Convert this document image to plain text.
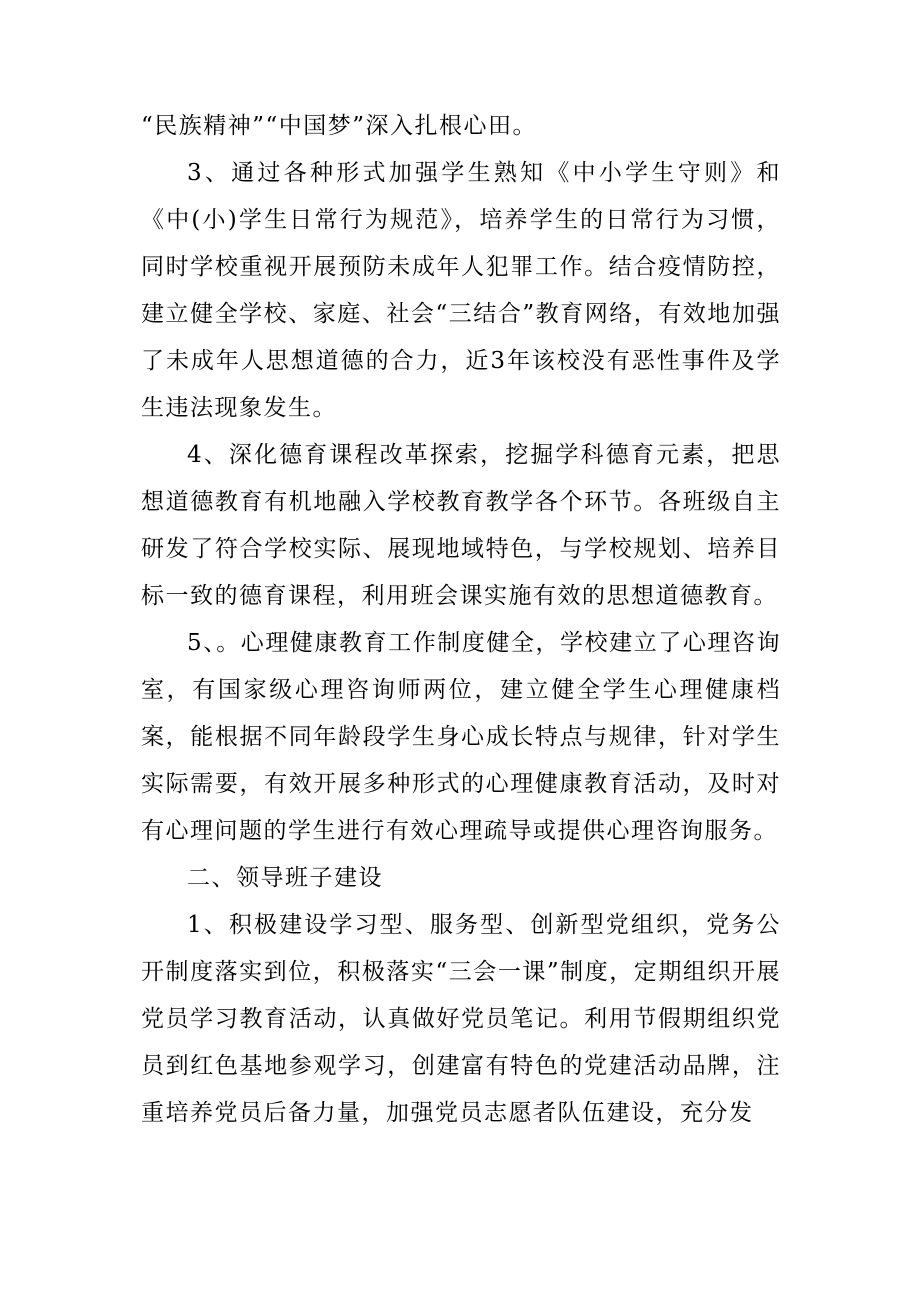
“民族精神”“中国梦”深入扎根心田。

3、通过各种形式加强学生熟知《中小学生守则》和《中(小)学生日常行为规范》，培养学生的日常行为习惯，同时学校重视开展预防未成年人犯罪工作。结合疫情防控，建立健全学校、家庭、社会“三结合”教育网络，有效地加强了未成年人思想道德的合力，近3年该校没有恶性事件及学生违法现象发生。

4、深化德育课程改革探索，挖掘学科德育元素，把思想道德教育有机地融入学校教育教学各个环节。各班级自主研发了符合学校实际、展现地域特色，与学校规划、培养目标一致的德育课程，利用班会课实施有效的思想道德教育。

5、。心理健康教育工作制度健全，学校建立了心理咨询室，有国家级心理咨询师两位，建立健全学生心理健康档案，能根据不同年龄段学生身心成长特点与规律，针对学生实际需要，有效开展多种形式的心理健康教育活动，及时对有心理问题的学生进行有效心理疏导或提供心理咨询服务。

二、领导班子建设

1、积极建设学习型、服务型、创新型党组织，党务公开制度落实到位，积极落实“三会一课”制度，定期组织开展党员学习教育活动，认真做好党员笔记。利用节假期组织党员到红色基地参观学习，创建富有特色的党建活动品牌，注重培养党员后备力量，加强党员志愿者队伍建设，充分发
